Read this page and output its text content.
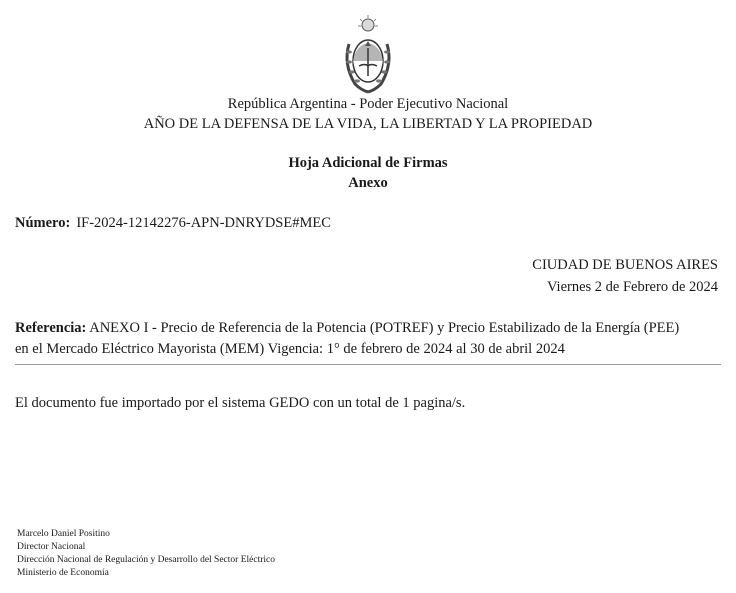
República Argentina - Poder Ejecutivo Nacional
AÑO DE LA DEFENSA DE LA VIDA, LA LIBERTAD Y LA PROPIEDAD
Hoja Adicional de Firmas
Anexo
Número: IF-2024-12142276-APN-DNRYDSE#MEC
CIUDAD DE BUENOS AIRES
Viernes 2 de Febrero de 2024
Referencia: ANEXO I - Precio de Referencia de la Potencia (POTREF) y Precio Estabilizado de la Energía (PEE)
en el Mercado Eléctrico Mayorista (MEM) Vigencia: 1° de febrero de 2024 al 30 de abril 2024
El documento fue importado por el sistema GEDO con un total de 1 pagina/s.
Marcelo Daniel Positino
Director Nacional
Dirección Nacional de Regulación y Desarrollo del Sector Eléctrico
Ministerio de Economía
